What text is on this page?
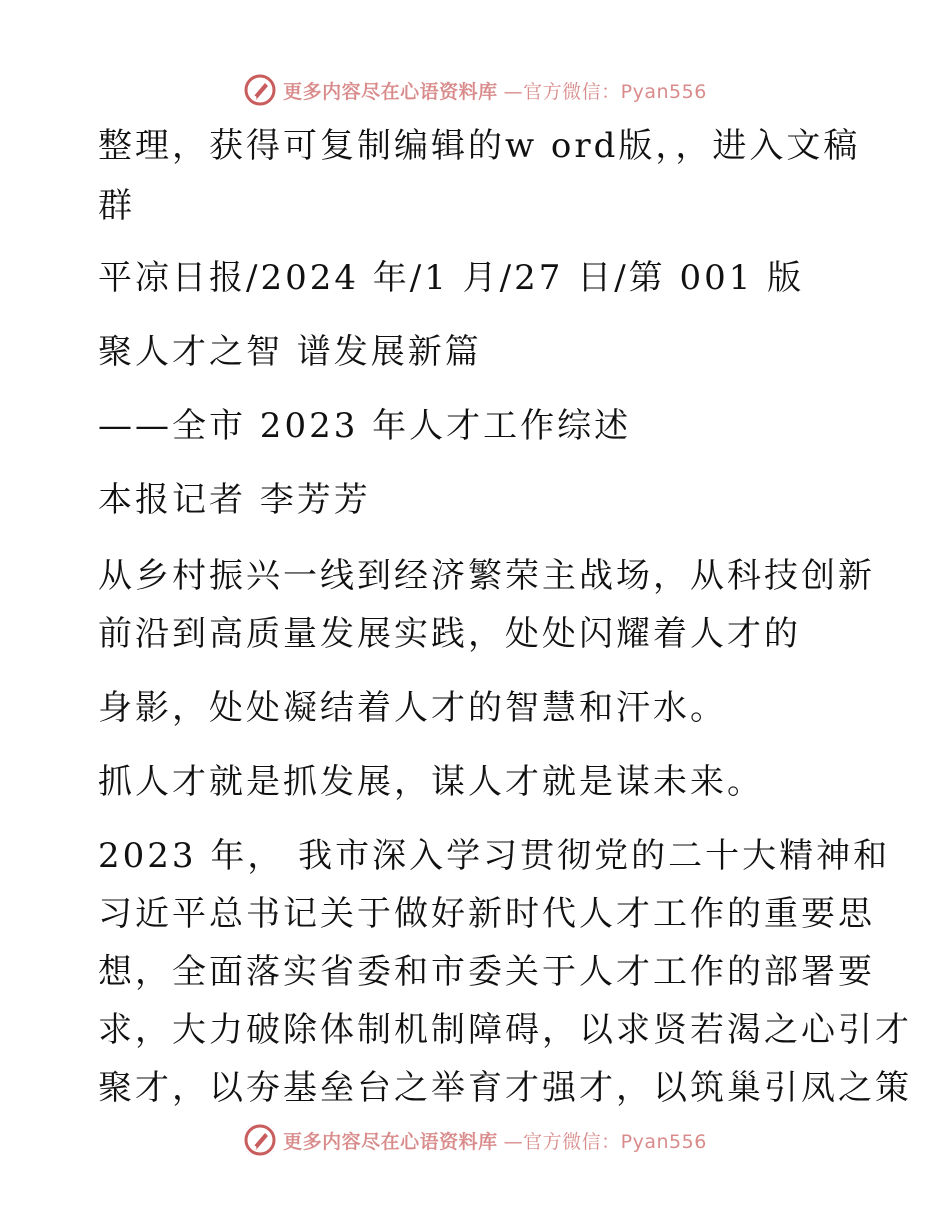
更多内容尽在心语资料库 —官方微信：Pyan556
整理，获得可复制编辑的w ord版，，进入文稿
群
平凉日报/2024 年/1 月/27 日/第 001 版
聚人才之智 谱发展新篇
——全市 2023 年人才工作综述
本报记者 李芳芳
从乡村振兴一线到经济繁荣主战场，从科技创新
前沿到高质量发展实践，处处闪耀着人才的
身影，处处凝结着人才的智慧和汗水。
抓人才就是抓发展，谋人才就是谋未来。
2023 年， 我市深入学习贯彻党的二十大精神和
习近平总书记关于做好新时代人才工作的重要思
想，全面落实省委和市委关于人才工作的部署要
求，大力破除体制机制障碍，以求贤若渴之心引才
聚才，以夯基垒台之举育才强才，以筑巢引凤之策
更多内容尽在心语资料库 —官方微信：Pyan556
